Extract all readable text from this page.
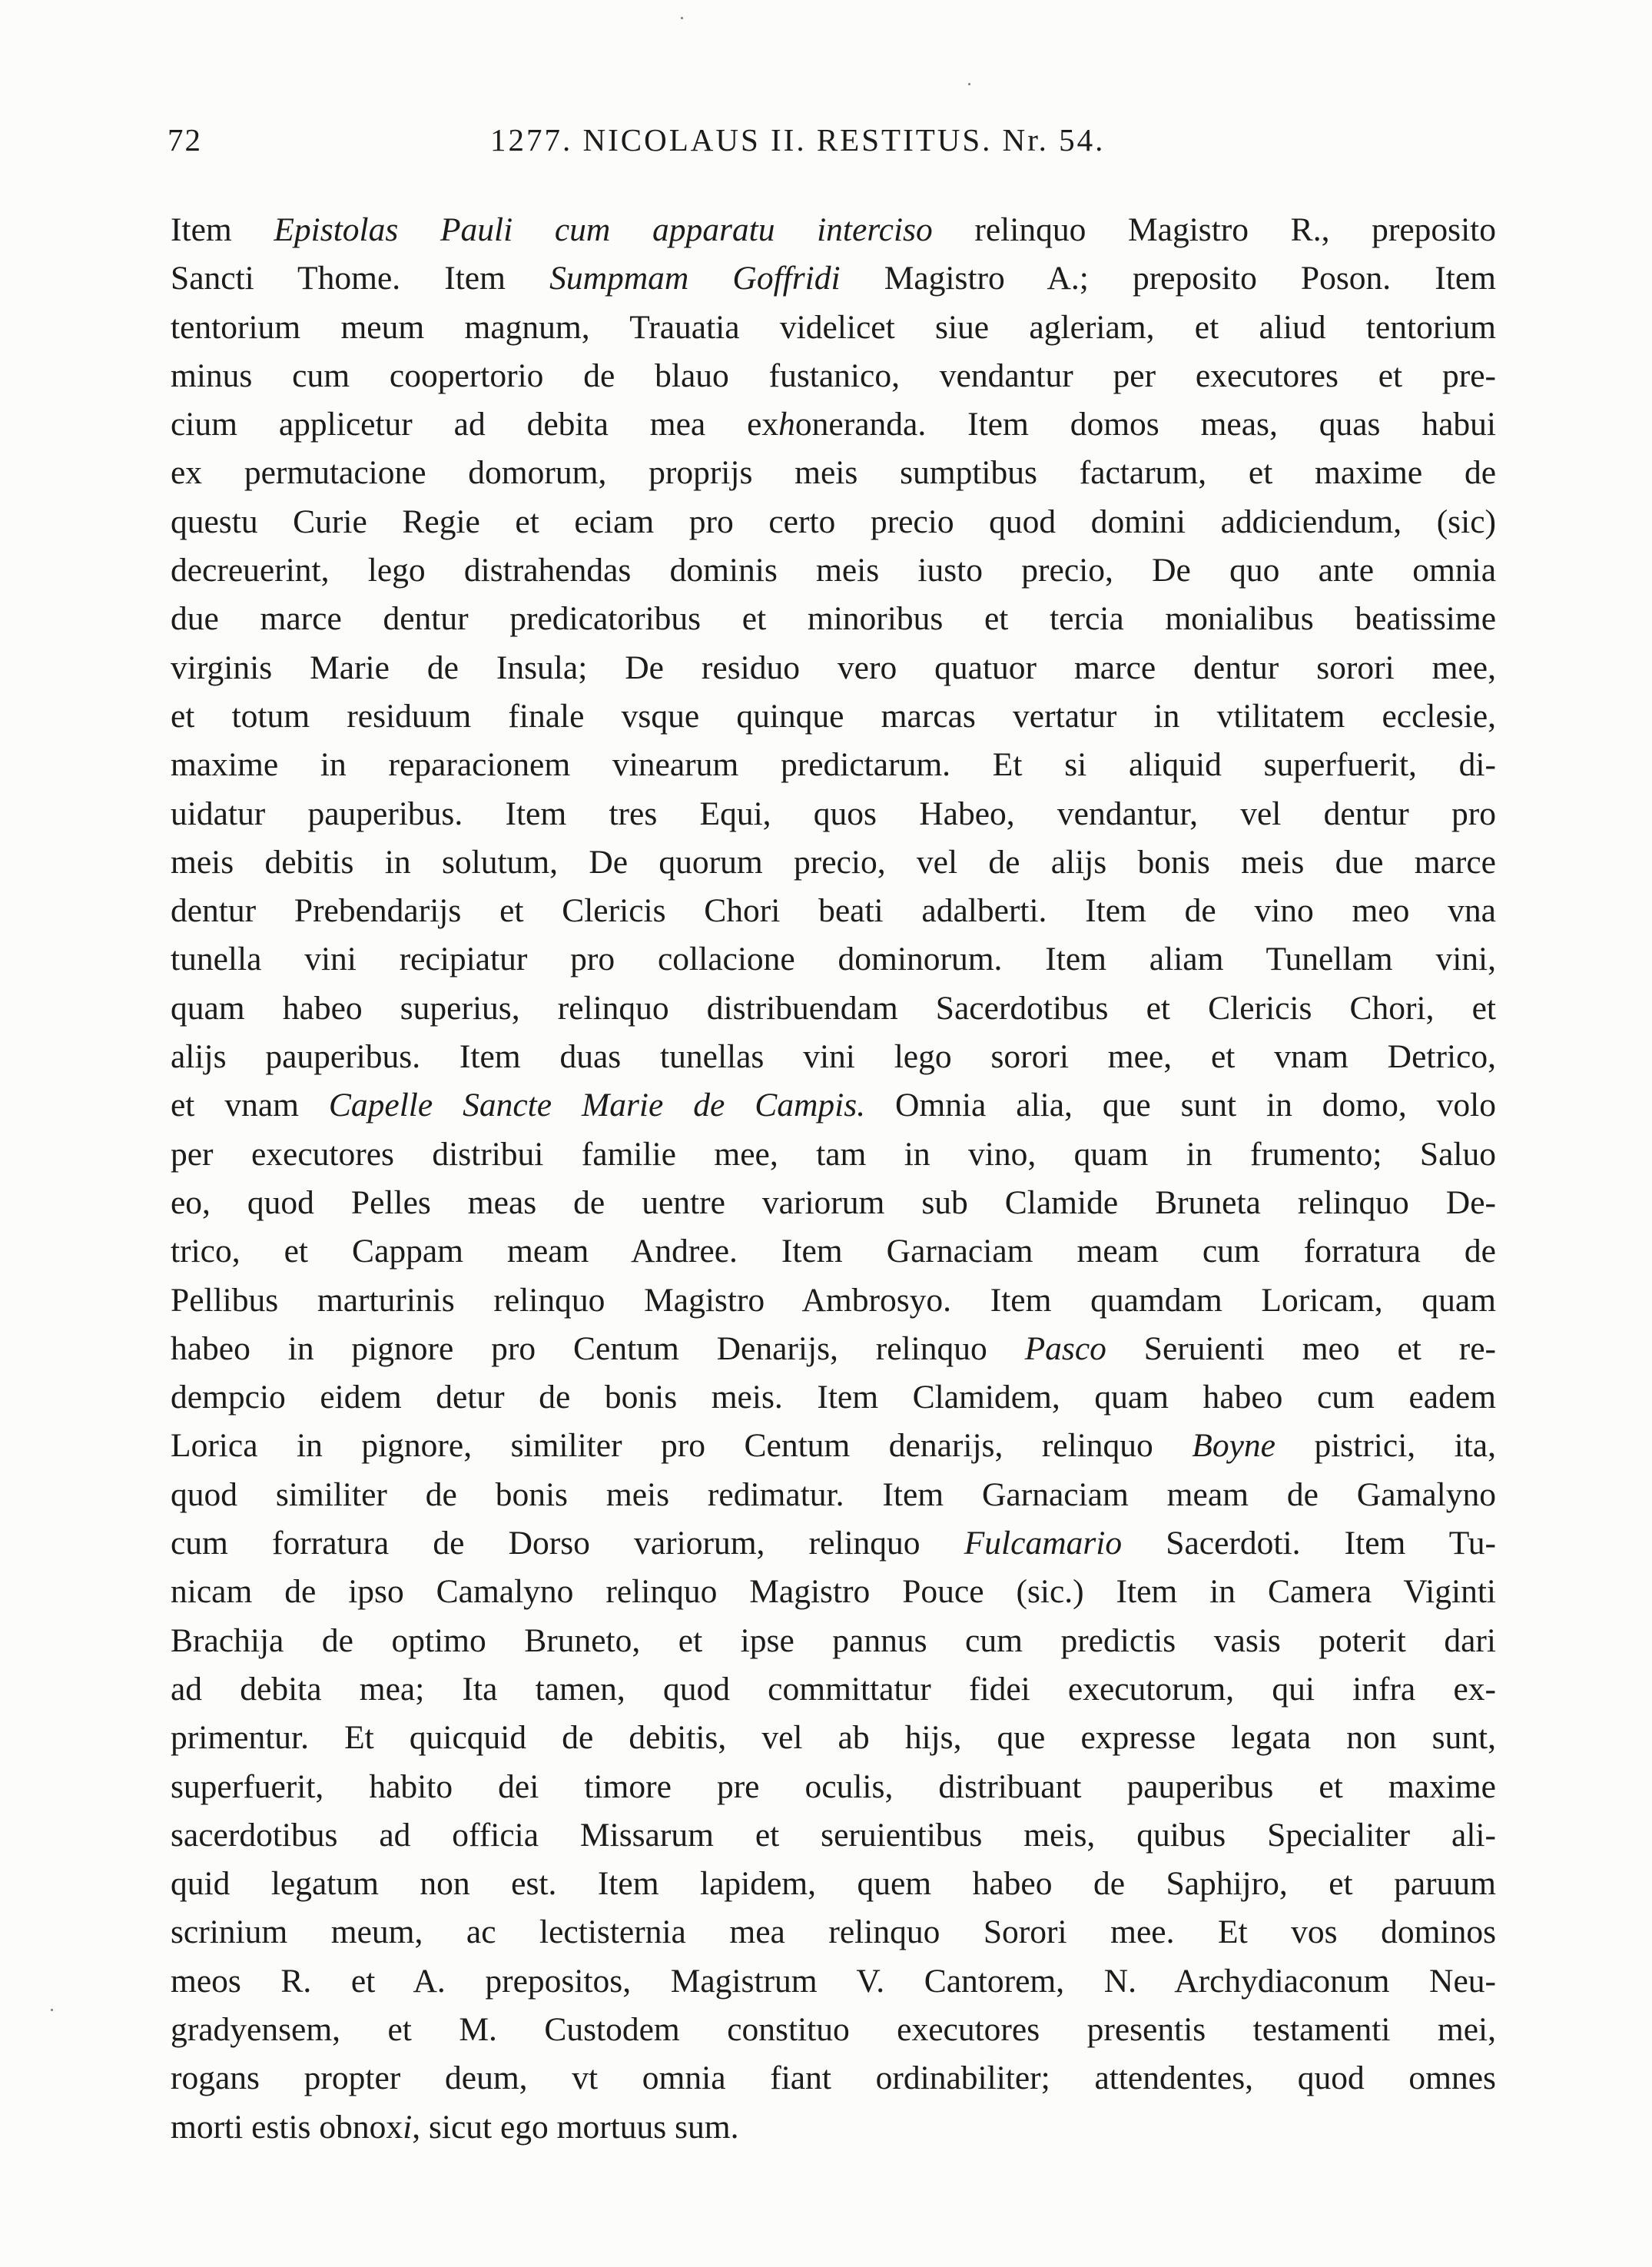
72	1277. NICOLAUS II. RESTITUS. Nr. 54.
Item Epistolas Pauli cum apparatu interciso relinquo Magistro R., preposito
Sancti Thome. Item Sumpmam Goffridi Magistro A.; preposito Poson. Item
tentorium meum magnum, Trauatia videlicet siue agleriam, et aliud tentorium
minus cum coopertorio de blauo fustanico, vendantur per executores et pre-
cium applicetur ad debita mea exhoneranda. Item domos meas, quas habui
ex permutacione domorum, proprijs meis sumptibus factarum, et maxime de
questu Curie Regie et eciam pro certo precio quod domini addiciendum, (sic)
decreuerint, lego distrahendas dominis meis iusto precio, De quo ante omnia
due marce dentur predicatoribus et minoribus et tercia monialibus beatissime
virginis Marie de Insula; De residuo vero quatuor marce dentur sorori mee,
et totum residuum finale vsque quinque marcas vertatur in vtilitatem ecclesie,
maxime in reparacionem vinearum predictarum. Et si aliquid superfuerit, di-
uidatur pauperibus. Item tres Equi, quos Habeo, vendantur, vel dentur pro
meis debitis in solutum, De quorum precio, vel de alijs bonis meis due marce
dentur Prebendarijs et Clericis Chori beati adalberti. Item de vino meo vna
tunella vini recipiatur pro collacione dominorum. Item aliam Tunellam vini,
quam habeo superius, relinquo distribuendam Sacerdotibus et Clericis Chori, et
alijs pauperibus. Item duas tunellas vini lego sorori mee, et vnam Detrico,
et vnam Capelle Sancte Marie de Campis. Omnia alia, que sunt in domo, volo
per executores distribui familie mee, tam in vino, quam in frumento; Saluo
eo, quod Pelles meas de uentre variorum sub Clamide Bruneta relinquo De-
trico, et Cappam meam Andree. Item Garnaciam meam cum forratura de
Pellibus marturinis relinquo Magistro Ambrosyo. Item quamdam Loricam, quam
habeo in pignore pro Centum Denarijs, relinquo Pasco Seruienti meo et re-
dempcio eidem detur de bonis meis. Item Clamidem, quam habeo cum eadem
Lorica in pignore, similiter pro Centum denarijs, relinquo Boyne pistrici, ita,
quod similiter de bonis meis redimatur. Item Garnaciam meam de Gamalyno
cum forratura de Dorso variorum, relinquo Fulcamario Sacerdoti. Item Tu-
nicam de ipso Camalyno relinquo Magistro Pouce (sic.) Item in Camera Viginti
Brachija de optimo Bruneto, et ipse pannus cum predictis vasis poterit dari
ad debita mea; Ita tamen, quod committatur fidei executorum, qui infra ex-
primentur. Et quicquid de debitis, vel ab hijs, que expresse legata non sunt,
superfuerit, habito dei timore pre oculis, distribuant pauperibus et maxime
sacerdotibus ad officia Missarum et seruientibus meis, quibus Specialiter ali-
quid legatum non est. Item lapidem, quem habeo de Saphijro, et paruum
scrinium meum, ac lectisternia mea relinquo Sorori mee. Et vos dominos
meos R. et A. prepositos, Magistrum V. Cantorem, N. Archydiaconum Neu-
gradyensem, et M. Custodem constituo executores presentis testamenti mei,
rogans propter deum, vt omnia fiant ordinabiliter; attendentes, quod omnes
morti estis obnoxi, sicut ego mortuus sum.
